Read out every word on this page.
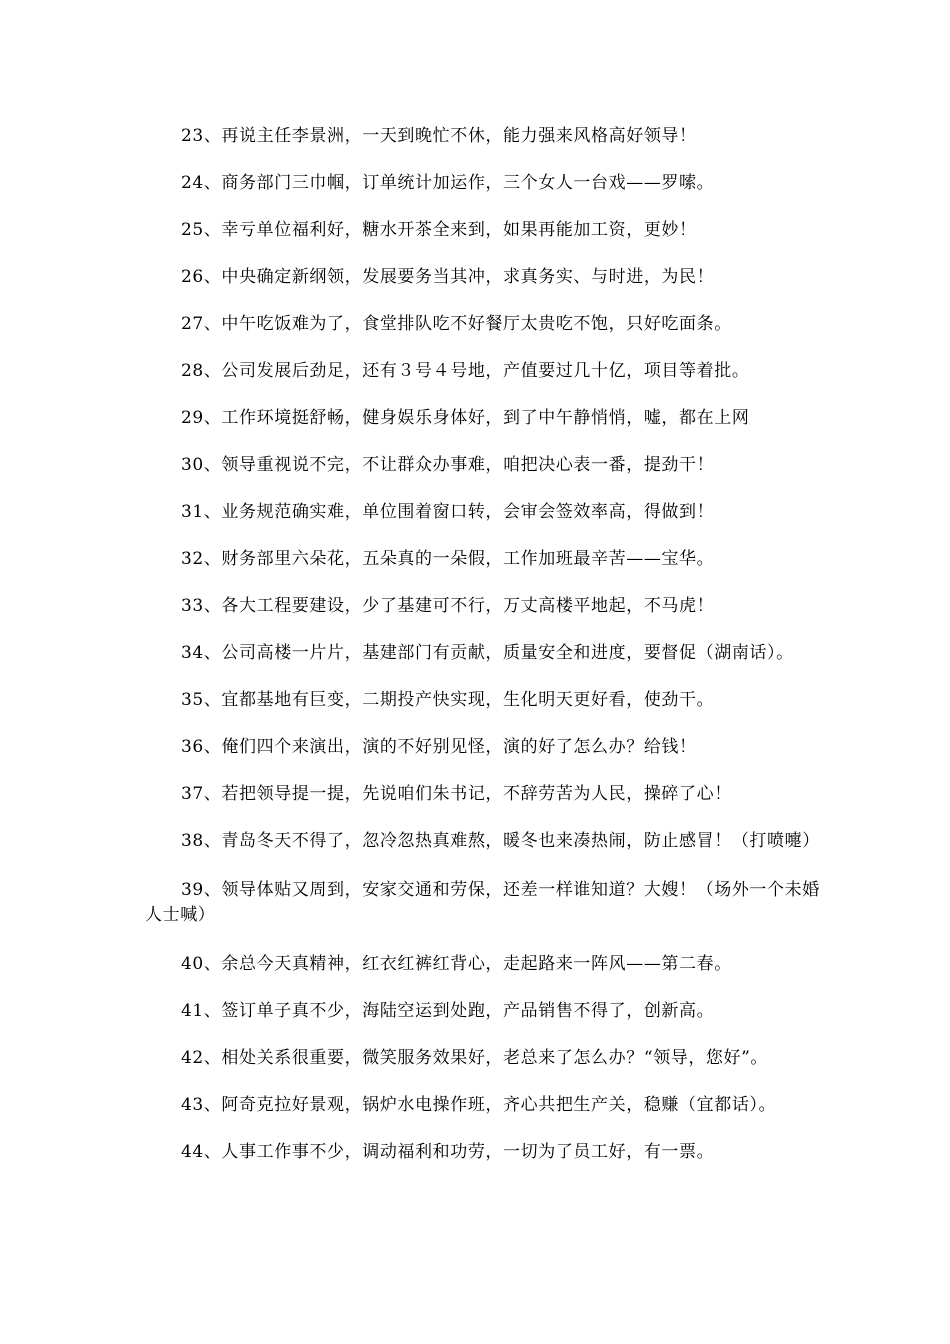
23、再说主任李景洲，一天到晚忙不休，能力强来风格高好领导！
24、商务部门三巾帼，订单统计加运作，三个女人一台戏——罗嗦。
25、幸亏单位福利好，糖水开茶全来到，如果再能加工资，更妙！
26、中央确定新纲领，发展要务当其冲，求真务实、与时进，为民！
27、中午吃饭难为了，食堂排队吃不好餐厅太贵吃不饱，只好吃面条。
28、公司发展后劲足，还有３号４号地，产值要过几十亿，项目等着批。
29、工作环境挺舒畅，健身娱乐身体好，到了中午静悄悄，嘘，都在上网
30、领导重视说不完，不让群众办事难，咱把决心表一番，提劲干！
31、业务规范确实难，单位围着窗口转，会审会签效率高，得做到！
32、财务部里六朵花，五朵真的一朵假，工作加班最辛苦——宝华。
33、各大工程要建设，少了基建可不行，万丈高楼平地起，不马虎！
34、公司高楼一片片，基建部门有贡献，质量安全和进度，要督促（湖南话）。
35、宜都基地有巨变，二期投产快实现，生化明天更好看，使劲干。
36、俺们四个来演出，演的不好别见怪，演的好了怎么办？给钱！
37、若把领导提一提，先说咱们朱书记，不辞劳苦为人民，操碎了心！
38、青岛冬天不得了，忽冷忽热真难熬，暖冬也来凑热闹，防止感冒！（打喷嚏）
39、领导体贴又周到，安家交通和劳保，还差一样谁知道？大嫂！（场外一个未婚人士喊）
40、余总今天真精神，红衣红裤红背心，走起路来一阵风——第二春。
41、签订单子真不少，海陆空运到处跑，产品销售不得了，创新高。
42、相处关系很重要，微笑服务效果好，老总来了怎么办？“领导，您好”。
43、阿奇克拉好景观，锅炉水电操作班，齐心共把生产关，稳赚（宜都话）。
44、人事工作事不少，调动福利和功劳，一切为了员工好，有一票。
